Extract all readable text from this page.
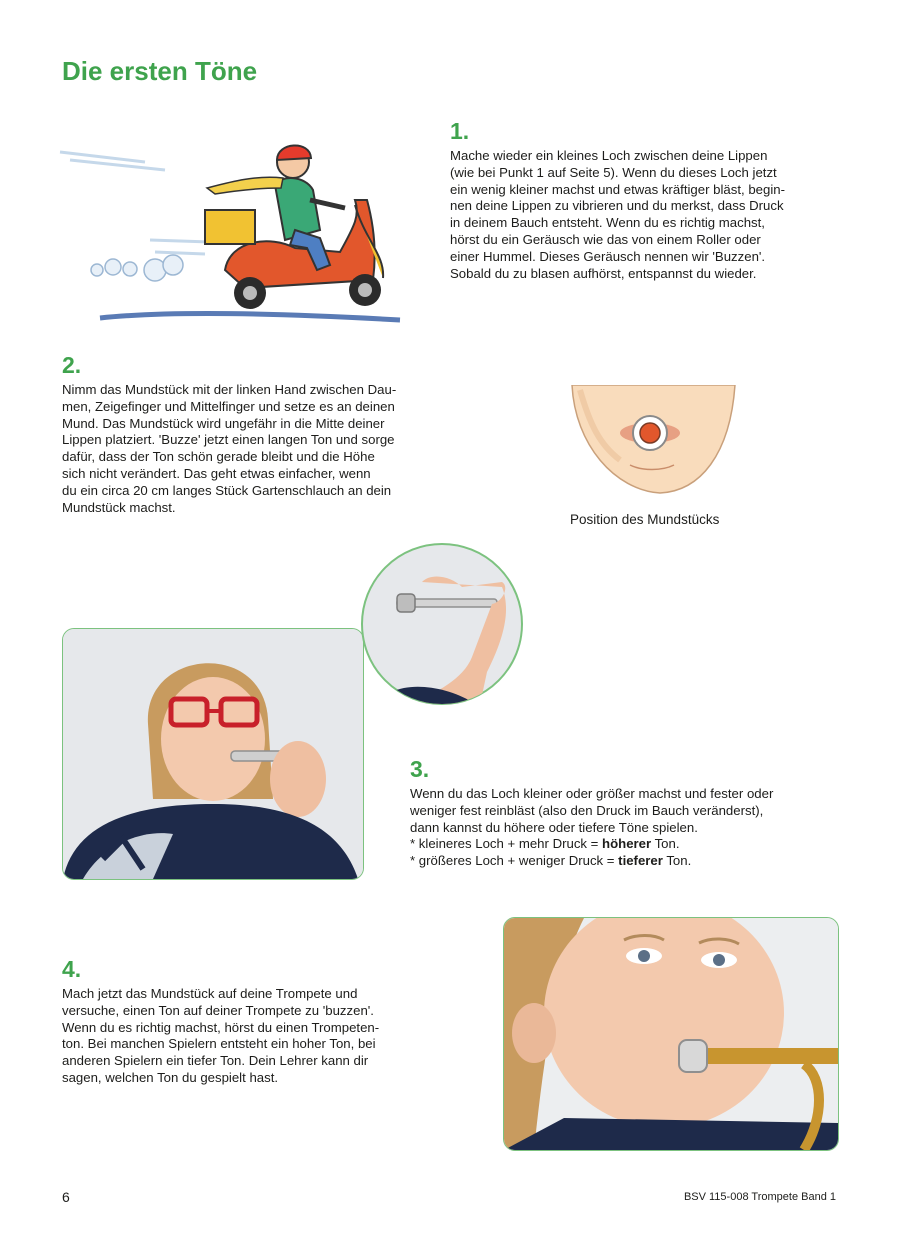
Die ersten Töne

1.

Mache wieder ein kleines Loch zwischen deine Lippen
(wie bei Punkt 1 auf Seite 5). Wenn du dieses Loch jetzt
ein wenig kleiner machst und etwas kräftiger bläst, begin-
nen deine Lippen zu vibrieren und du merkst, dass Druck
in deinem Bauch entsteht. Wenn du es richtig machst,
hörst du ein Geräusch wie das von einem Roller oder
einer Hummel. Dieses Geräusch nennen wir 'Buzzen'.
Sobald du zu blasen aufhörst, entspannst du wieder.

2.

Nimm das Mundstück mit der linken Hand zwischen Dau-
men, Zeigefinger und Mittelfinger und setze es an deinen
Mund. Das Mundstück wird ungefähr in die Mitte deiner
Lippen platziert. 'Buzze' jetzt einen langen Ton und sorge
dafür, dass der Ton schön gerade bleibt und die Höhe
sich nicht verändert. Das geht etwas einfacher, wenn
du ein circa 20 cm langes Stück Gartenschlauch an dein
Mundstück machst.

Position des Mundstücks

3.

Wenn du das Loch kleiner oder größer machst und fester oder
weniger fest reinbläst (also den Druck im Bauch veränderst),
dann kannst du höhere oder tiefere Töne spielen.
* kleineres Loch + mehr Druck = höherer Ton.
* größeres Loch + weniger Druck = tieferer Ton.

4.

Mach jetzt das Mundstück auf deine Trompete und
versuche, einen Ton auf deiner Trompete zu 'buzzen'.
Wenn du es richtig machst, hörst du einen Trompeten-
ton. Bei manchen Spielern entsteht ein hoher Ton, bei
anderen Spielern ein tiefer Ton. Dein Lehrer kann dir
sagen, welchen Ton du gespielt hast.

6	BSV 115-008 Trompete Band 1
